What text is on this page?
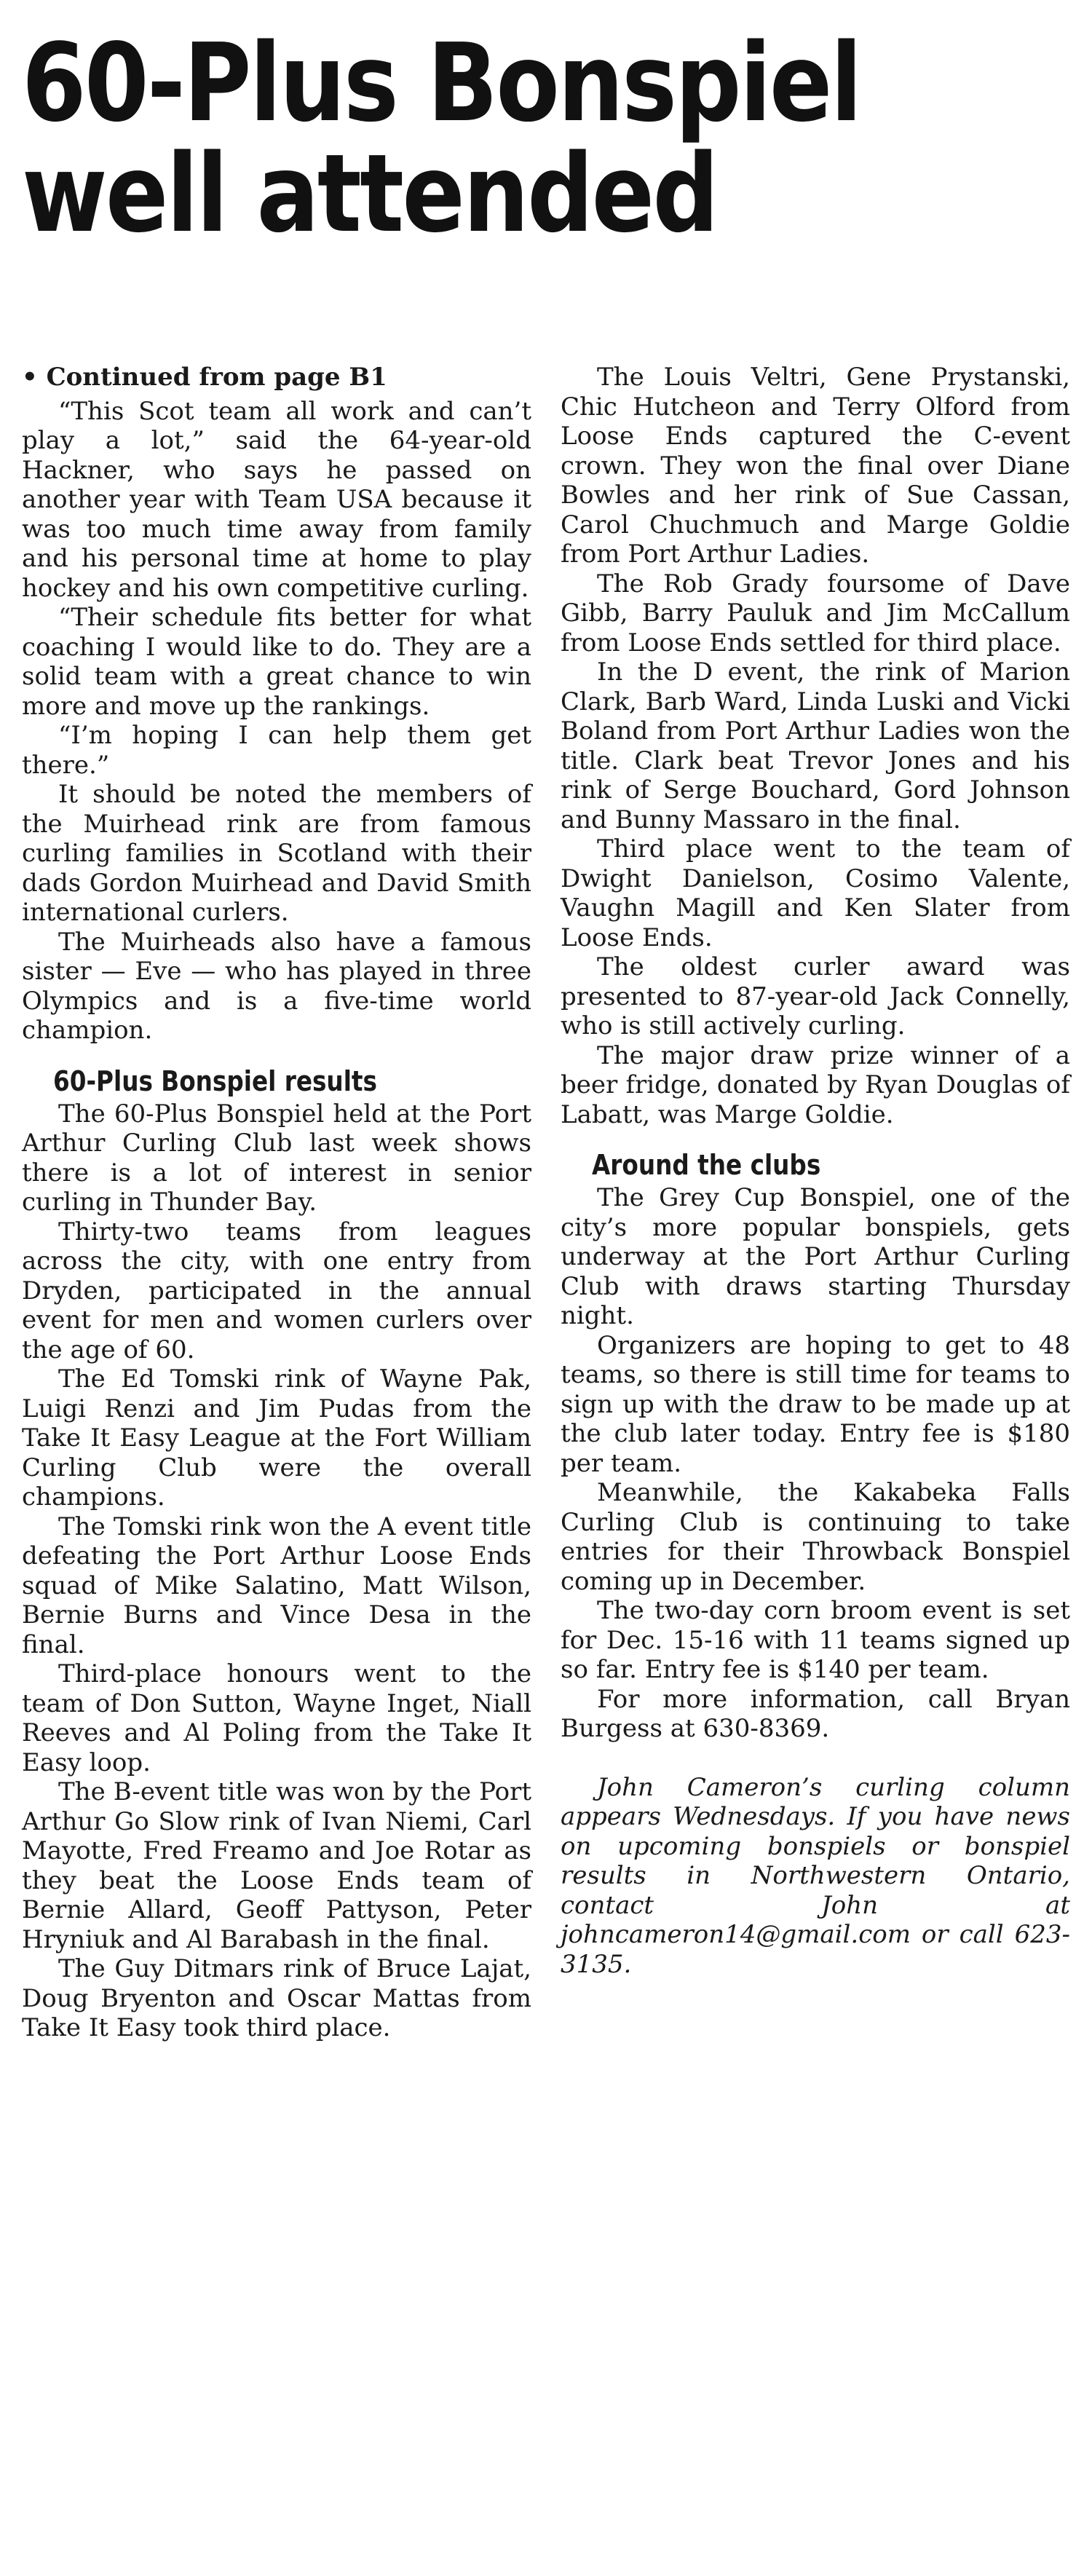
60-Plus Bonspiel
well attended

• Continued from page B1

“This Scot team all work and can’t play a lot,” said the 64-year-old Hackner, who says he passed on another year with Team USA because it was too much time away from family and his personal time at home to play hockey and his own competitive curling.

“Their schedule fits better for what coaching I would like to do. They are a solid team with a great chance to win more and move up the rankings.

“I’m hoping I can help them get there.”

It should be noted the members of the Muirhead rink are from famous curling families in Scotland with their dads Gordon Muirhead and David Smith international curlers.

The Muirheads also have a famous sister — Eve — who has played in three Olympics and is a five-time world champion.

60-Plus Bonspiel results

The 60-Plus Bonspiel held at the Port Arthur Curling Club last week shows there is a lot of interest in senior curling in Thunder Bay.

Thirty-two teams from leagues across the city, with one entry from Dryden, participated in the annual event for men and women curlers over the age of 60.

The Ed Tomski rink of Wayne Pak, Luigi Renzi and Jim Pudas from the Take It Easy League at the Fort William Curling Club were the overall champions.

The Tomski rink won the A event title defeating the Port Arthur Loose Ends squad of Mike Salatino, Matt Wilson, Bernie Burns and Vince Desa in the final.

Third-place honours went to the team of Don Sutton, Wayne Inget, Niall Reeves and Al Poling from the Take It Easy loop.

The B-event title was won by the Port Arthur Go Slow rink of Ivan Niemi, Carl Mayotte, Fred Freamo and Joe Rotar as they beat the Loose Ends team of Bernie Allard, Geoff Pattyson, Peter Hryniuk and Al Barabash in the final.

The Guy Ditmars rink of Bruce Lajat, Doug Bryenton and Oscar Mattas from Take It Easy took third place.

The Louis Veltri, Gene Prystanski, Chic Hutcheon and Terry Olford from Loose Ends captured the C-event crown. They won the final over Diane Bowles and her rink of Sue Cassan, Carol Chuchmuch and Marge Goldie from Port Arthur Ladies.

The Rob Grady foursome of Dave Gibb, Barry Pauluk and Jim McCallum from Loose Ends settled for third place.

In the D event, the rink of Marion Clark, Barb Ward, Linda Luski and Vicki Boland from Port Arthur Ladies won the title. Clark beat Trevor Jones and his rink of Serge Bouchard, Gord Johnson and Bunny Massaro in the final.

Third place went to the team of Dwight Danielson, Cosimo Valente, Vaughn Magill and Ken Slater from Loose Ends.

The oldest curler award was presented to 87-year-old Jack Connelly, who is still actively curling.

The major draw prize winner of a beer fridge, donated by Ryan Douglas of Labatt, was Marge Goldie.

Around the clubs

The Grey Cup Bonspiel, one of the city’s more popular bonspiels, gets underway at the Port Arthur Curling Club with draws starting Thursday night.

Organizers are hoping to get to 48 teams, so there is still time for teams to sign up with the draw to be made up at the club later today. Entry fee is $180 per team.

Meanwhile, the Kakabeka Falls Curling Club is continuing to take entries for their Throwback Bonspiel coming up in December.

The two-day corn broom event is set for Dec. 15-16 with 11 teams signed up so far. Entry fee is $140 per team.

For more information, call Bryan Burgess at 630-8369.

John Cameron’s curling column appears Wednesdays. If you have news on upcoming bonspiels or bonspiel results in Northwestern Ontario, contact John at johncameron14@gmail.com or call 623-3135.
